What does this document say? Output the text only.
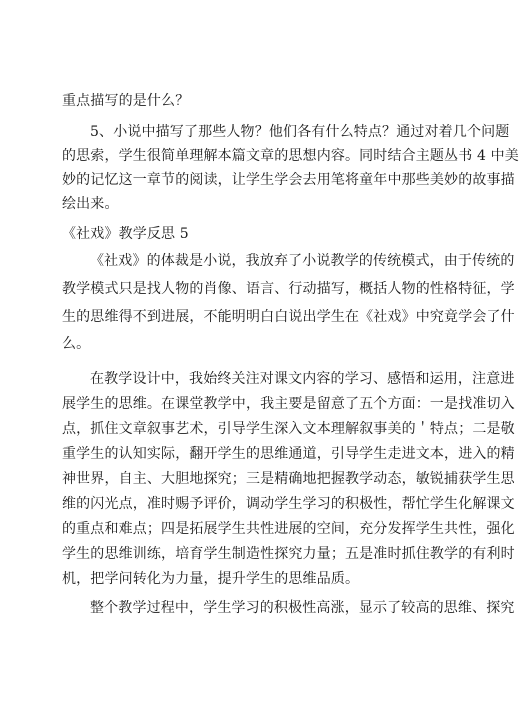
重点描写的是什么？
5、小说中描写了那些人物？他们各有什么特点？通过对着几个问题
的思索，学生很简单理解本篇文章的思想内容。同时结合主题丛书 4 中美
妙的记忆这一章节的阅读，让学生学会去用笔将童年中那些美妙的故事描
绘出来。
《社戏》教学反思 5
《社戏》的体裁是小说，我放弃了小说教学的传统模式，由于传统的
教学模式只是找人物的肖像、语言、行动描写，概括人物的性格特征，学
生的思维得不到进展，不能明明白白说出学生在《社戏》中究竟学会了什
么。
在教学设计中，我始终关注对课文内容的学习、感悟和运用，注意进
展学生的思维。在课堂教学中，我主要是留意了五个方面：一是找准切入
点，抓住文章叙事艺术，引导学生深入文本理解叙事美的＇特点；二是敬
重学生的认知实际，翻开学生的思维通道，引导学生走进文本，进入的精
神世界，自主、大胆地探究；三是精确地把握教学动态，敏锐捕获学生思
维的闪光点，准时赐予评价，调动学生学习的积极性，帮忙学生化解课文
的重点和难点；四是拓展学生共性进展的空间，充分发挥学生共性，强化
学生的思维训练，培育学生制造性探究力量；五是准时抓住教学的有利时
机，把学问转化为力量，提升学生的思维品质。
整个教学过程中，学生学习的积极性高涨，显示了较高的思维、探究
